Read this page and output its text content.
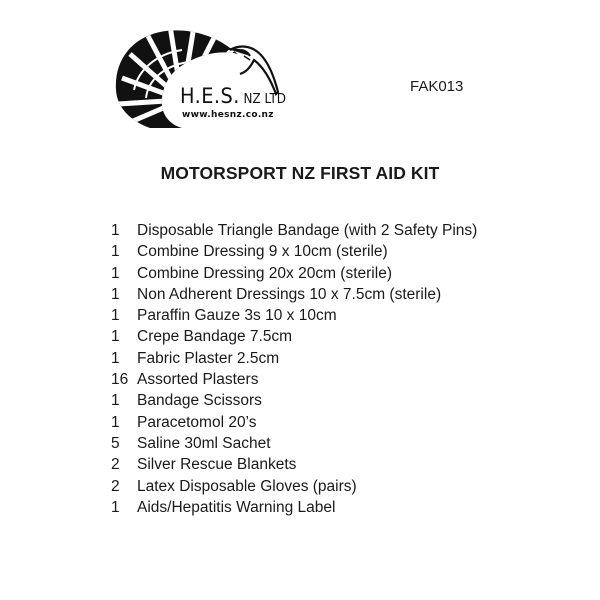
H.E.S. NZ LTD
www.hesnz.co.nz
FAK013
MOTORSPORT NZ FIRST AID KIT
1	Disposable Triangle Bandage (with 2 Safety Pins)
1	Combine Dressing 9 x 10cm (sterile)
1	Combine Dressing 20x 20cm (sterile)
1	Non Adherent Dressings 10 x 7.5cm (sterile)
1	Paraffin Gauze 3s 10 x 10cm
1	Crepe Bandage 7.5cm
1	Fabric Plaster 2.5cm
16 Assorted Plasters
1	Bandage Scissors
1	Paracetomol 20’s
5	Saline 30ml Sachet
2	Silver Rescue Blankets
2	Latex Disposable Gloves (pairs)
1	Aids/Hepatitis Warning Label
